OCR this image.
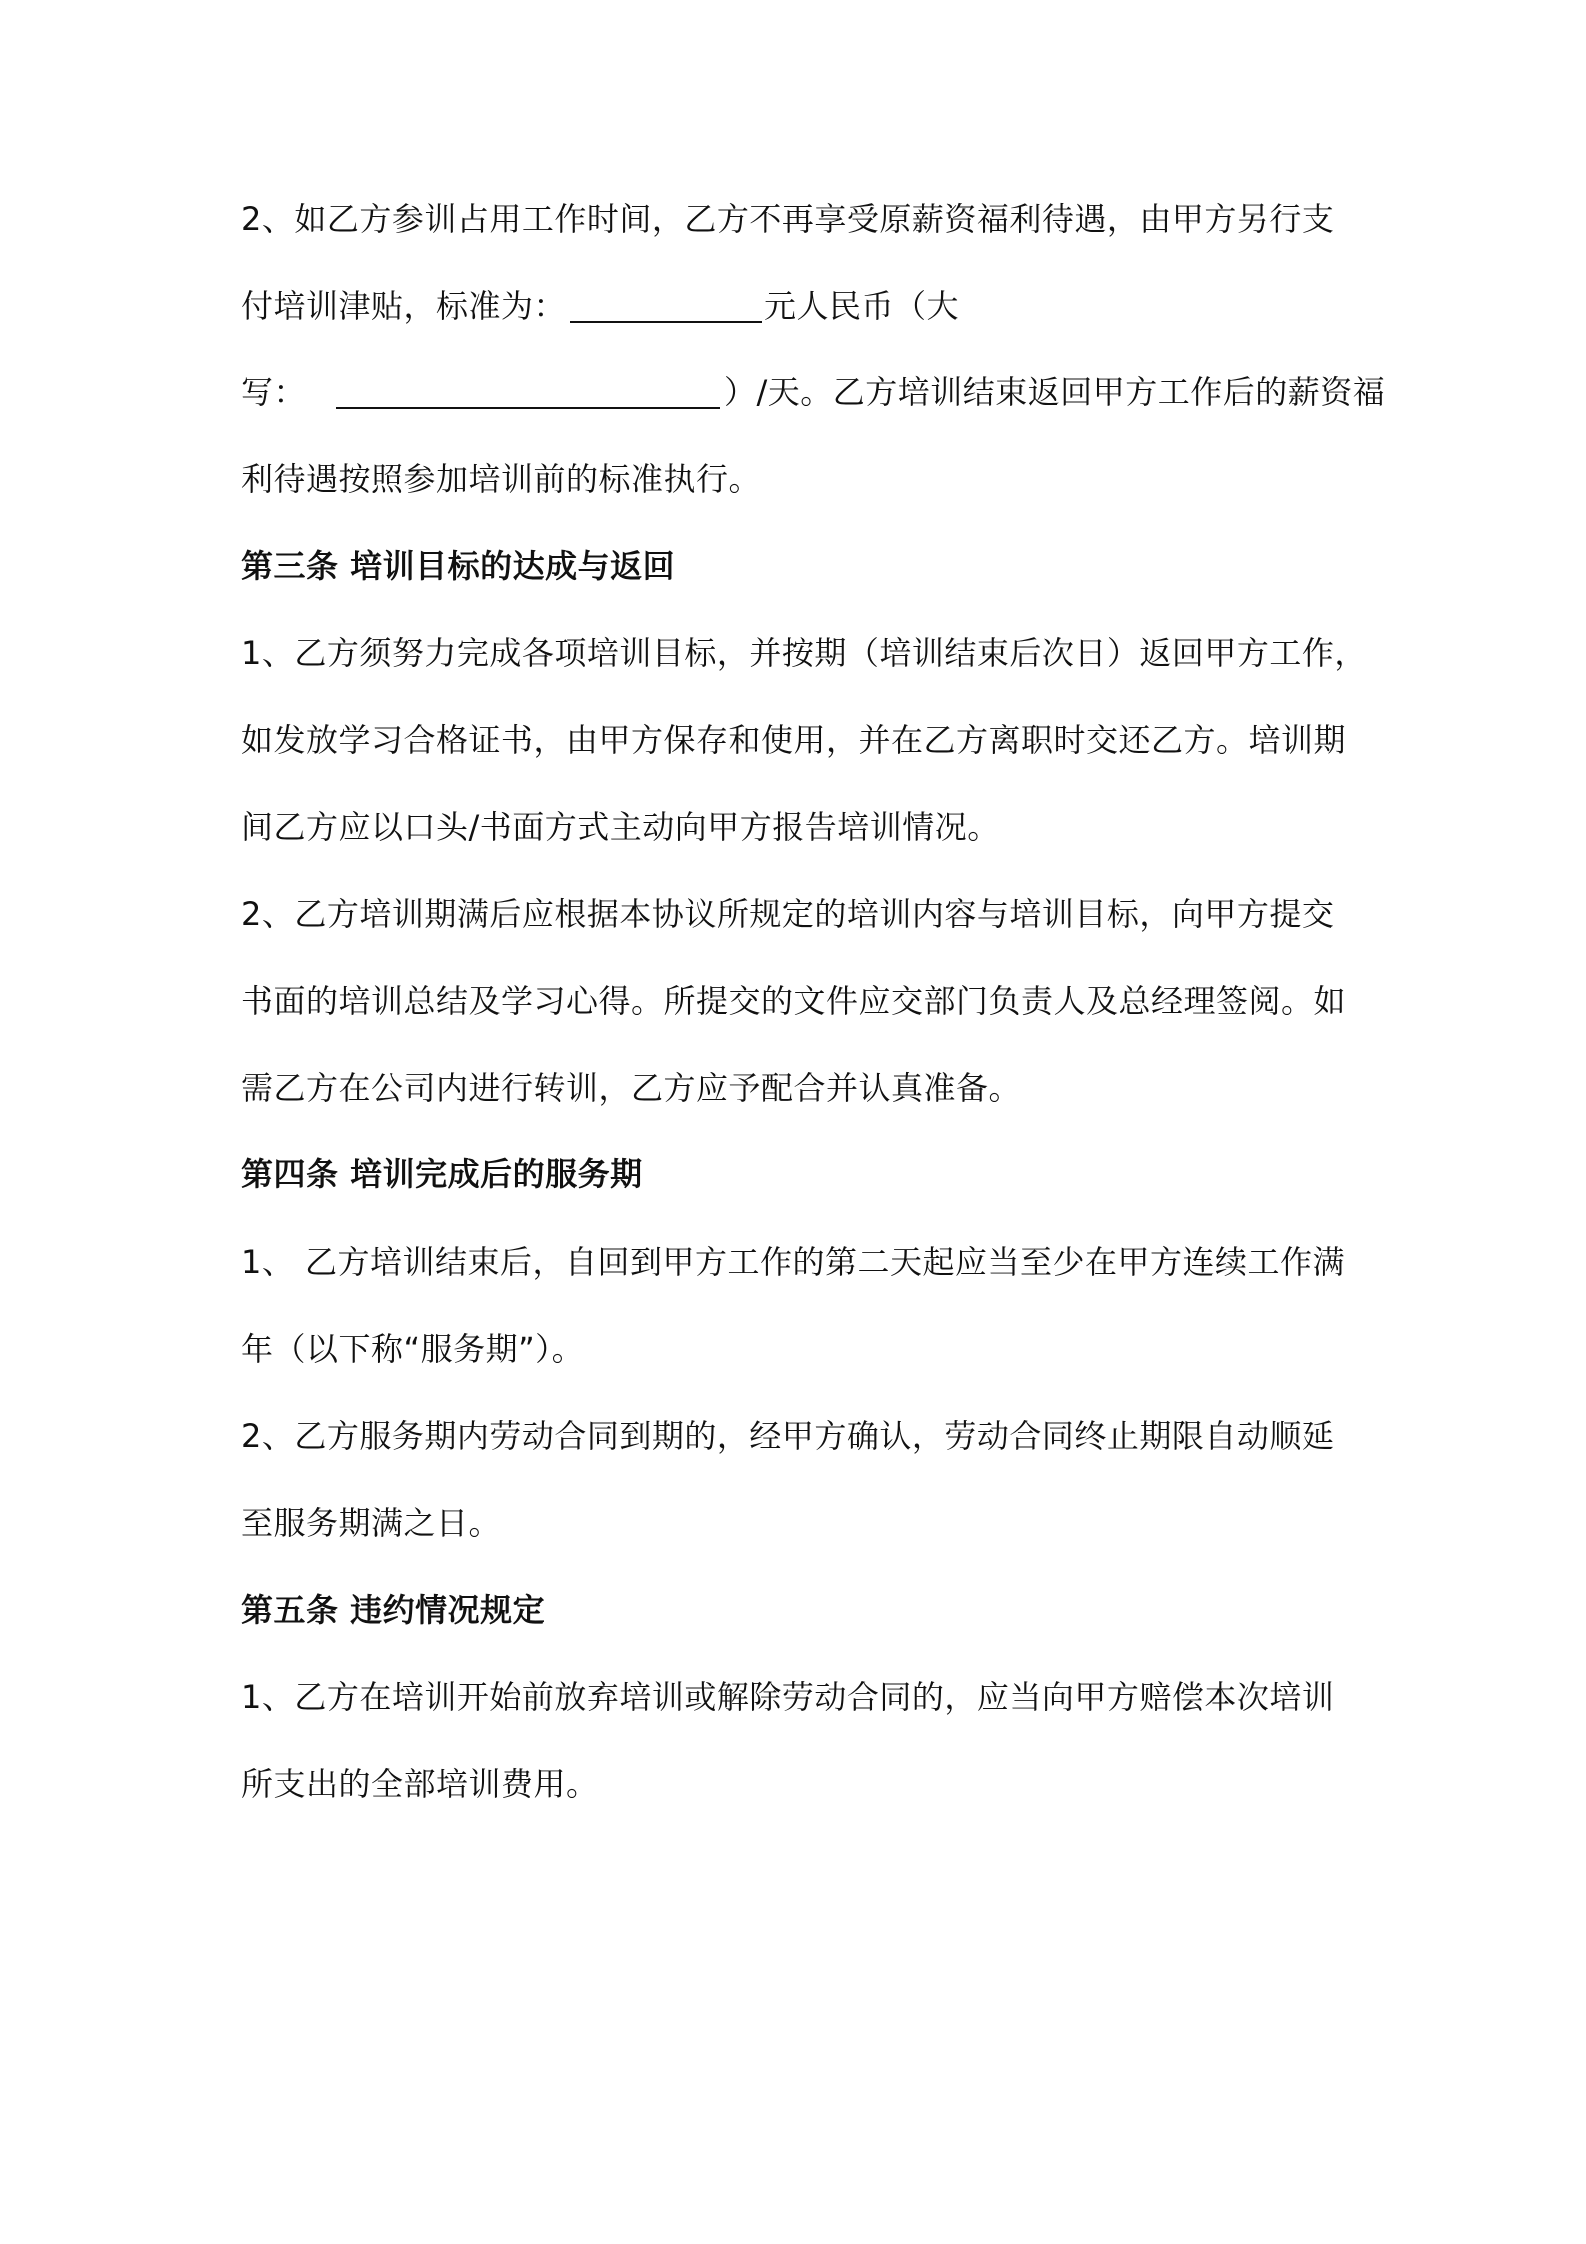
2、如乙方参训占用工作时间，乙方不再享受原薪资福利待遇，由甲方另行支
付培训津贴，标准为：	元人民币（大
写：	）/天。乙方培训结束返回甲方工作后的薪资福
利待遇按照参加培训前的标准执行。
第三条 培训目标的达成与返回
1、乙方须努力完成各项培训目标，并按期（培训结束后次日）返回甲方工作，
如发放学习合格证书，由甲方保存和使用，并在乙方离职时交还乙方。培训期
间乙方应以口头/书面方式主动向甲方报告培训情况。
2、乙方培训期满后应根据本协议所规定的培训内容与培训目标，向甲方提交
书面的培训总结及学习心得。所提交的文件应交部门负责人及总经理签阅。如
需乙方在公司内进行转训，乙方应予配合并认真准备。
第四条 培训完成后的服务期
1、 乙方培训结束后，自回到甲方工作的第二天起应当至少在甲方连续工作满
年（以下称“服务期”）。
2、乙方服务期内劳动合同到期的，经甲方确认，劳动合同终止期限自动顺延
至服务期满之日。
第五条 违约情况规定
1、乙方在培训开始前放弃培训或解除劳动合同的，应当向甲方赔偿本次培训
所支出的全部培训费用。
